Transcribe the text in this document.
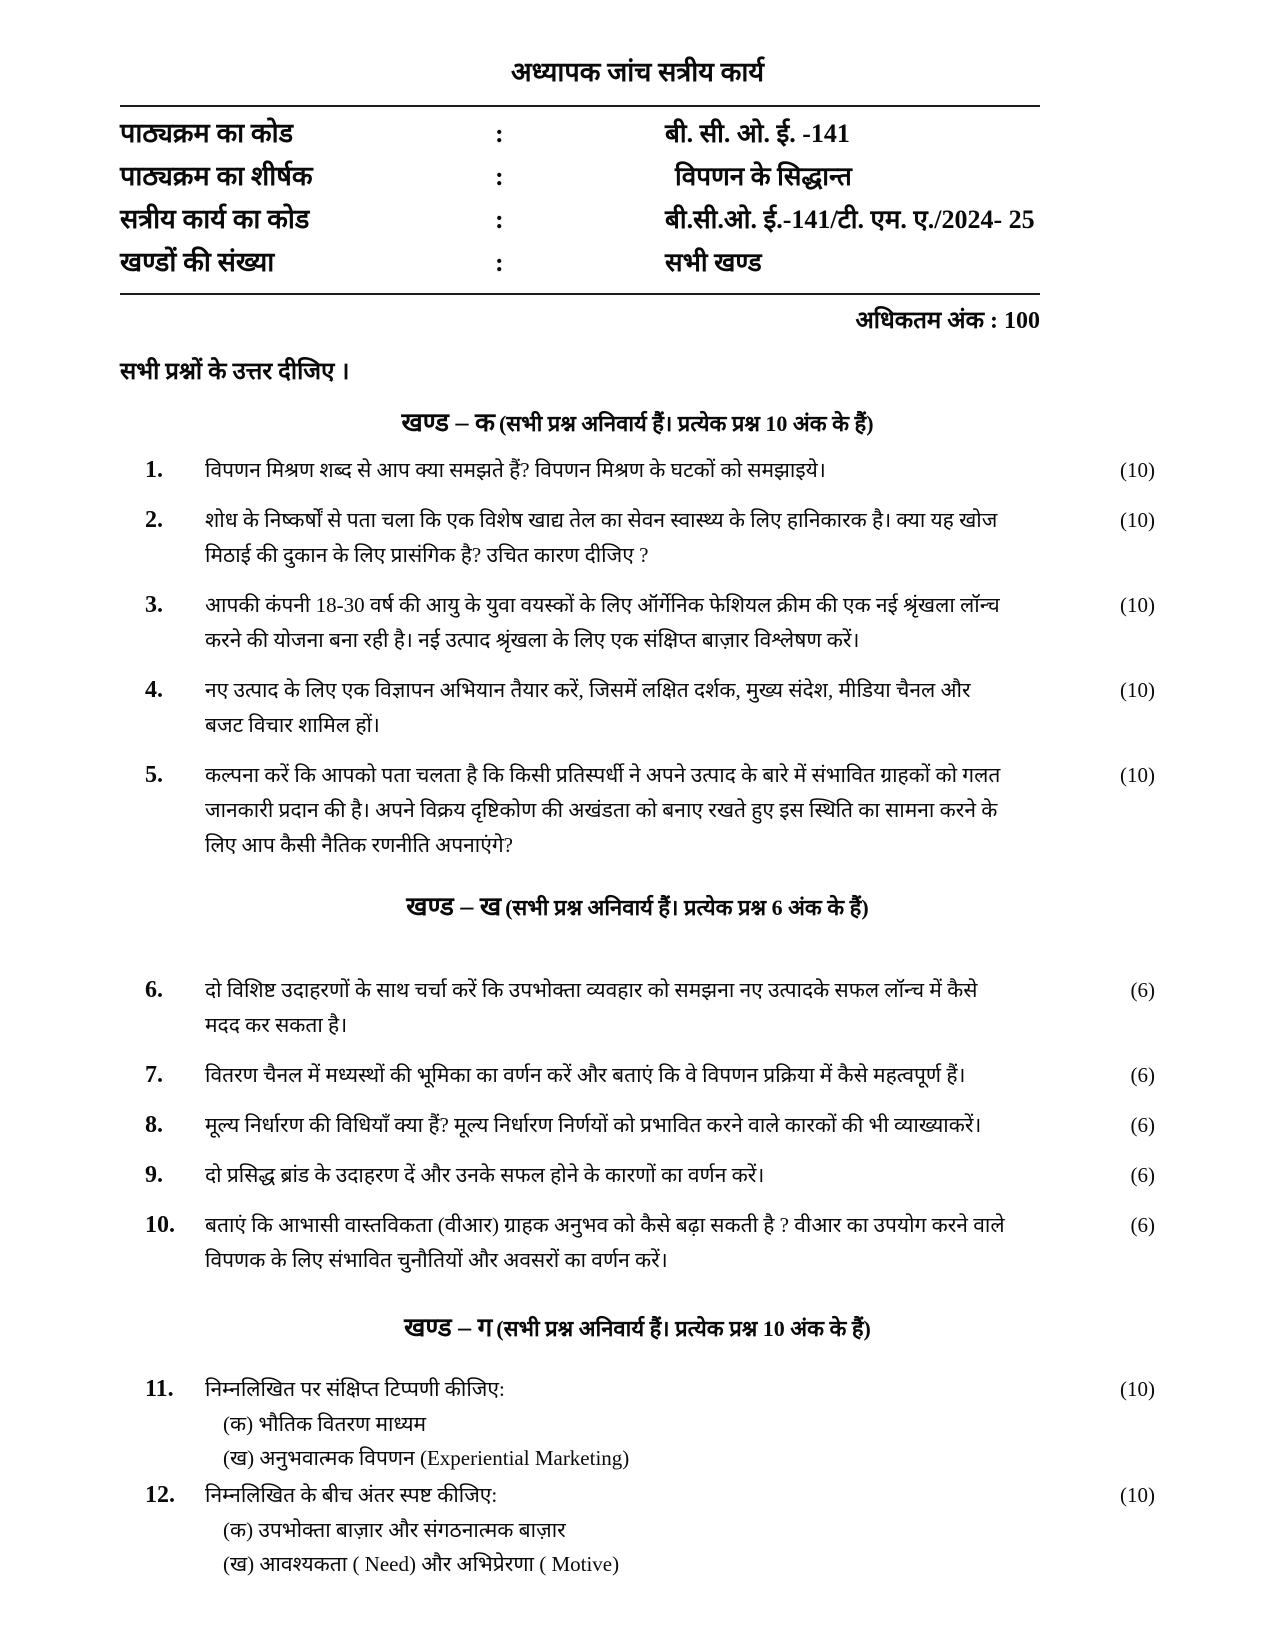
अध्यापक जांच सत्रीय कार्य
पाठ्यक्रम का कोड	:	बी. सी. ओ. ई. -141
पाठ्यक्रम का शीर्षक	:	विपणन के सिद्धान्त
सत्रीय कार्य का कोड	:	बी.सी.ओ. ई.-141/टी. एम. ए./2024- 25
खण्डों की संख्या	:	सभी खण्ड
अधिकतम अंक : 100
सभी प्रश्नों के उत्तर दीजिए ।
खण्ड – क (सभी प्रश्न अनिवार्य हैं। प्रत्येक प्रश्न 10 अंक के हैं)
1.	विपणन मिश्रण शब्द से आप क्या समझते हैं? विपणन मिश्रण के घटकों को समझाइये।	(10)
2.	शोध के निष्कर्षों से पता चला कि एक विशेष खाद्य तेल का सेवन स्वास्थ्य के लिए हानिकारक है। क्या यह खोज मिठाई की दुकान के लिए प्रासंगिक है? उचित कारण दीजिए ?
(10)
3.	आपकी कंपनी 18-30 वर्ष की आयु के युवा वयस्कों के लिए ऑर्गेनिक फेशियल क्रीम की एक नई श्रृंखला लॉन्च करने की योजना बना रही है। नई उत्पाद श्रृंखला के लिए एक संक्षिप्त बाज़ार विश्लेषण करें।
(10)
4.	नए उत्पाद के लिए एक विज्ञापन अभियान तैयार करें, जिसमें लक्षित दर्शक, मुख्य संदेश, मीडिया चैनल और बजट विचार शामिल हों।
(10)
5.	कल्पना करें कि आपको पता चलता है कि किसी प्रतिस्पर्धी ने अपने उत्पाद के बारे में संभावित ग्राहकों को गलत जानकारी प्रदान की है। अपने विक्रय दृष्टिकोण की अखंडता को बनाए रखते हुए इस स्थिति का सामना करने के लिए आप कैसी नैतिक रणनीति अपनाएंगे?
(10)
खण्ड – ख (सभी प्रश्न अनिवार्य हैं। प्रत्येक प्रश्न 6 अंक के हैं)
6.	दो विशिष्ट उदाहरणों के साथ चर्चा करें कि उपभोक्ता व्यवहार को समझना नए उत्पादके सफल लॉन्च में कैसे मदद कर सकता है।
(6)
7.	वितरण चैनल में मध्यस्थों की भूमिका का वर्णन करें और बताएं कि वे विपणन प्रक्रिया में कैसे महत्वपूर्ण हैं।	(6)
8.	मूल्य निर्धारण की विधियाँ क्या हैं? मूल्य निर्धारण निर्णयों को प्रभावित करने वाले कारकों की भी व्याख्याकरें।	(6)
9.	दो प्रसिद्ध ब्रांड के उदाहरण दें और उनके सफल होने के कारणों का वर्णन करें।	(6)
10.	बताएं कि आभासी वास्तविकता (वीआर) ग्राहक अनुभव को कैसे बढ़ा सकती है ? वीआर का उपयोग करने वाले विपणक के लिए संभावित चुनौतियों और अवसरों का वर्णन करें।
(6)
खण्ड – ग (सभी प्रश्न अनिवार्य हैं। प्रत्येक प्रश्न 10 अंक के हैं)
11.	निम्नलिखित पर संक्षिप्त टिप्पणी कीजिए:
(क) भौतिक वितरण माध्यम
(ख) अनुभवात्मक विपणन (Experiential Marketing)
(10)
12.	निम्नलिखित के बीच अंतर स्पष्ट कीजिए:
(क) उपभोक्ता बाज़ार और संगठनात्मक बाज़ार
(ख) आवश्यकता ( Need) और अभिप्रेरणा ( Motive)
(10)
